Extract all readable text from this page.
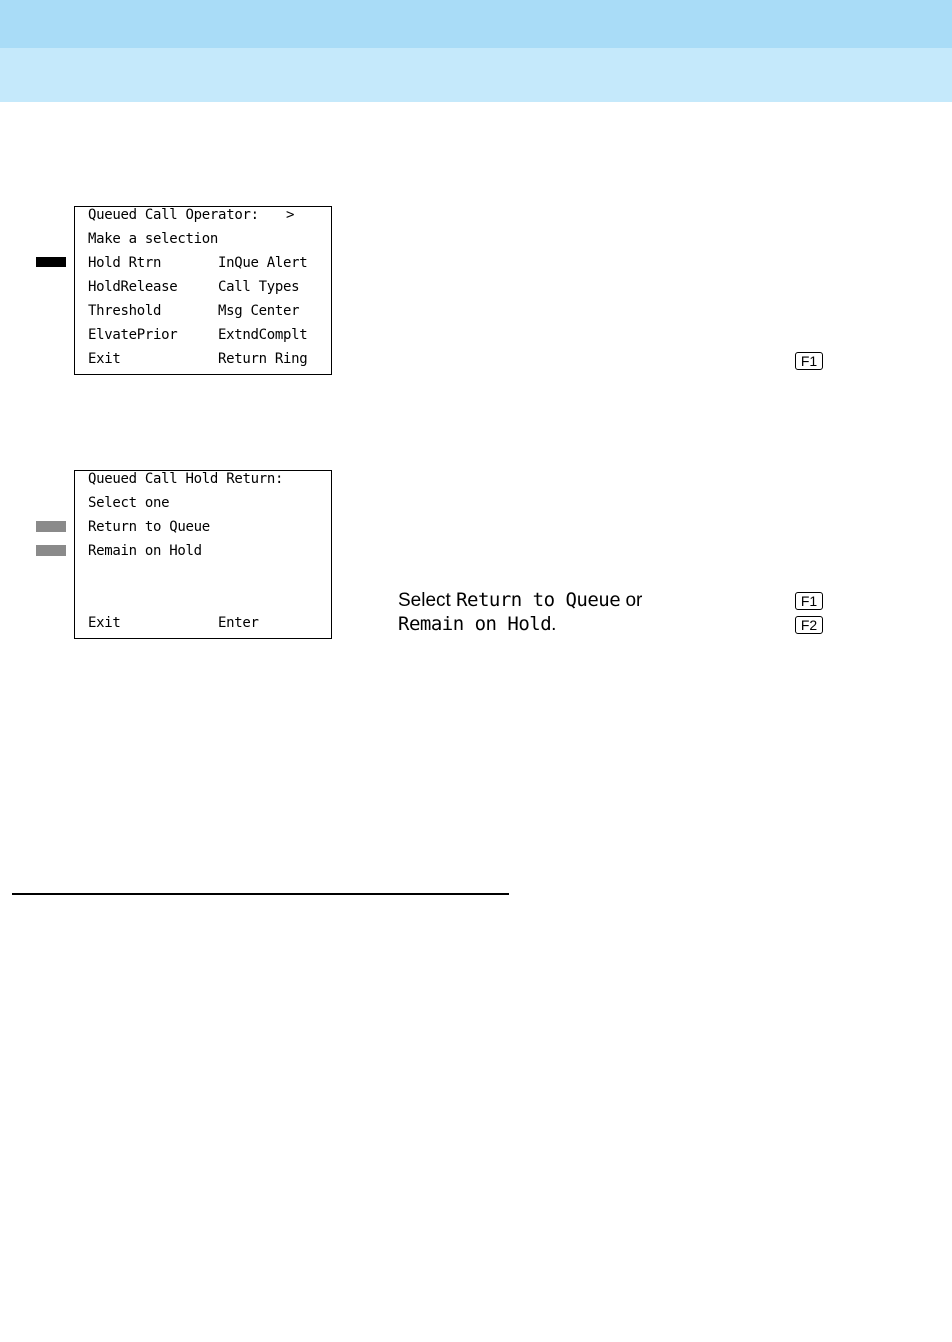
Queued Call Operator: >
Make a selection
Hold Rtrn
HoldRelease
Threshold
ElvatePrior
Exit
InQue Alert
Call Types
Msg Center
ExtndComplt
Return Ring	F1
Queued Call Hold Return:
Select one
Return to Queue
Remain on Hold
Exit	Enter
Select Return to Queue or
Remain on Hold.
F1
F2
